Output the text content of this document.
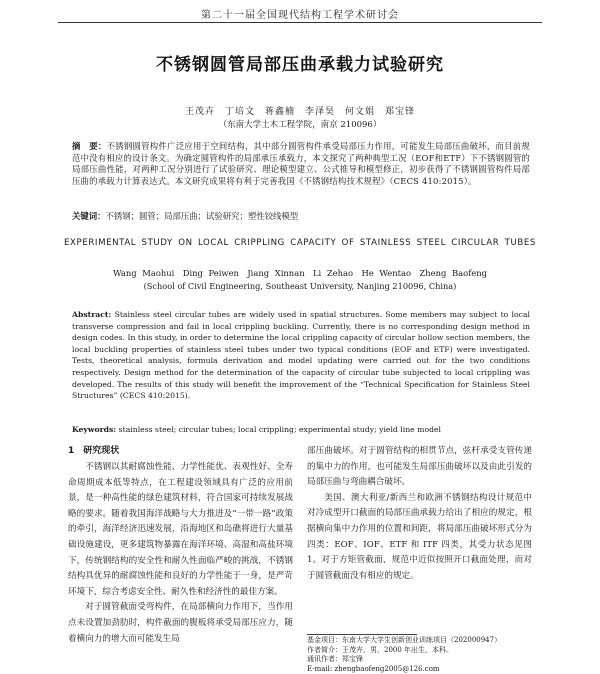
第二十一届全国现代结构工程学术研讨会
不锈钢圆管局部压曲承载力试验研究
王茂卉　丁培文　蒋鑫楠　李泽昊　何文娟　郑宝锋
（东南大学土木工程学院，南京 210096）
摘　要：不锈钢圆管构件广泛应用于空间结构，其中部分圆管构件承受局部压力作用，可能发生局部压曲破坏，而目前规范中没有相应的设计条文。为确定圆管构件的局部承压承载力，本文探究了两种典型工况（EOF和ETF）下不锈钢圆管的局部压曲性能，对两种工况分别进行了试验研究、理论模型建立、公式推导和模型修正，初步获得了不锈钢圆管构件局部压曲的承载力计算表达式。本文研究成果将有利于完善我国《不锈钢结构技术规程》（CECS 410:2015）。
关键词：不锈钢；圆管；局部压曲；试验研究；塑性铰线模型
EXPERIMENTAL STUDY ON LOCAL CRIPPLING CAPACITY OF STAINLESS STEEL CIRCULAR TUBES
Wang Maohui　Ding Peiwen　Jiang Xinnan　Li Zehao　He Wentao　Zheng Baofeng
(School of Civil Engineering, Southeast University, Nanjing 210096, China)
Abstract: Stainless steel circular tubes are widely used in spatial structures. Some members may subject to local transverse compression and fail in local crippling buckling. Currently, there is no corresponding design method in design codes. In this study, in order to determine the local crippling capacity of circular hollow section members, the local buckling properties of stainless steel tubes under two typical conditions (EOF and ETF) were investigated. Tests, theoretical analysis, formula derivation and model updating were carried out for the two conditions respectively. Design method for the determination of the capacity of circular tube subjected to local crippling was developed. The results of this study will benefit the improvement of the “Technical Specification for Stainless Steel Structures” (CECS 410:2015).
Keywords: stainless steel; circular tubes; local crippling; experimental study; yield line model
1　研究现状

不锈钢以其耐腐蚀性能、力学性能优、表观性好、全寿命周期成本低等特点，在工程建设领域具有广泛的应用前景，是一种高性能的绿色建筑材料，符合国家可持续发展战略的要求。随着我国海洋战略与大力推进及“一带一路”政策的牵引，海洋经济迅速发展，沿海地区和岛礁将进行大量基础设施建设，更多建筑物暴露在海洋环境、高湿和高盐环境下，传统钢结构的安全性和耐久性面临严峻的挑战，不锈钢结构具优异的耐腐蚀性能和良好的力学性能于一身，是严苛环境下，综合考虑安全性、耐久性和经济性的最佳方案。

对于圆管截面受弯构件，在局部横向力作用下，当作用点未设置加劲肋时，构件截面的腹板将承受局部压应力，随着横向力的增大而可能发生局

部压曲破坏。对于圆管结构的相贯节点，弦杆承受支管传递的集中力的作用，也可能发生局部压曲破坏以及由此引发的局部压曲与弯曲耦合破坏。

美国、澳大利亚/新西兰和欧洲不锈钢结构设计规范中对冷成型开口截面的局部压曲承载力给出了相应的规定，根据横向集中力作用的位置和间距，将局部压曲破坏形式分为四类：EOF、IOF、ETF 和 ITF 四类，其受力状态见图 1。对于方矩管截面，规范中近似按照开口截面处理，而对于圆管截面没有相应的规定。

基金项目：东南大学大学生创新创业训练项目（202000947）
作者简介：王茂卉，男，2000 年出生，本科。
通讯作者：郑宝锋
E-mail: zhengbaofeng2005@126.com
